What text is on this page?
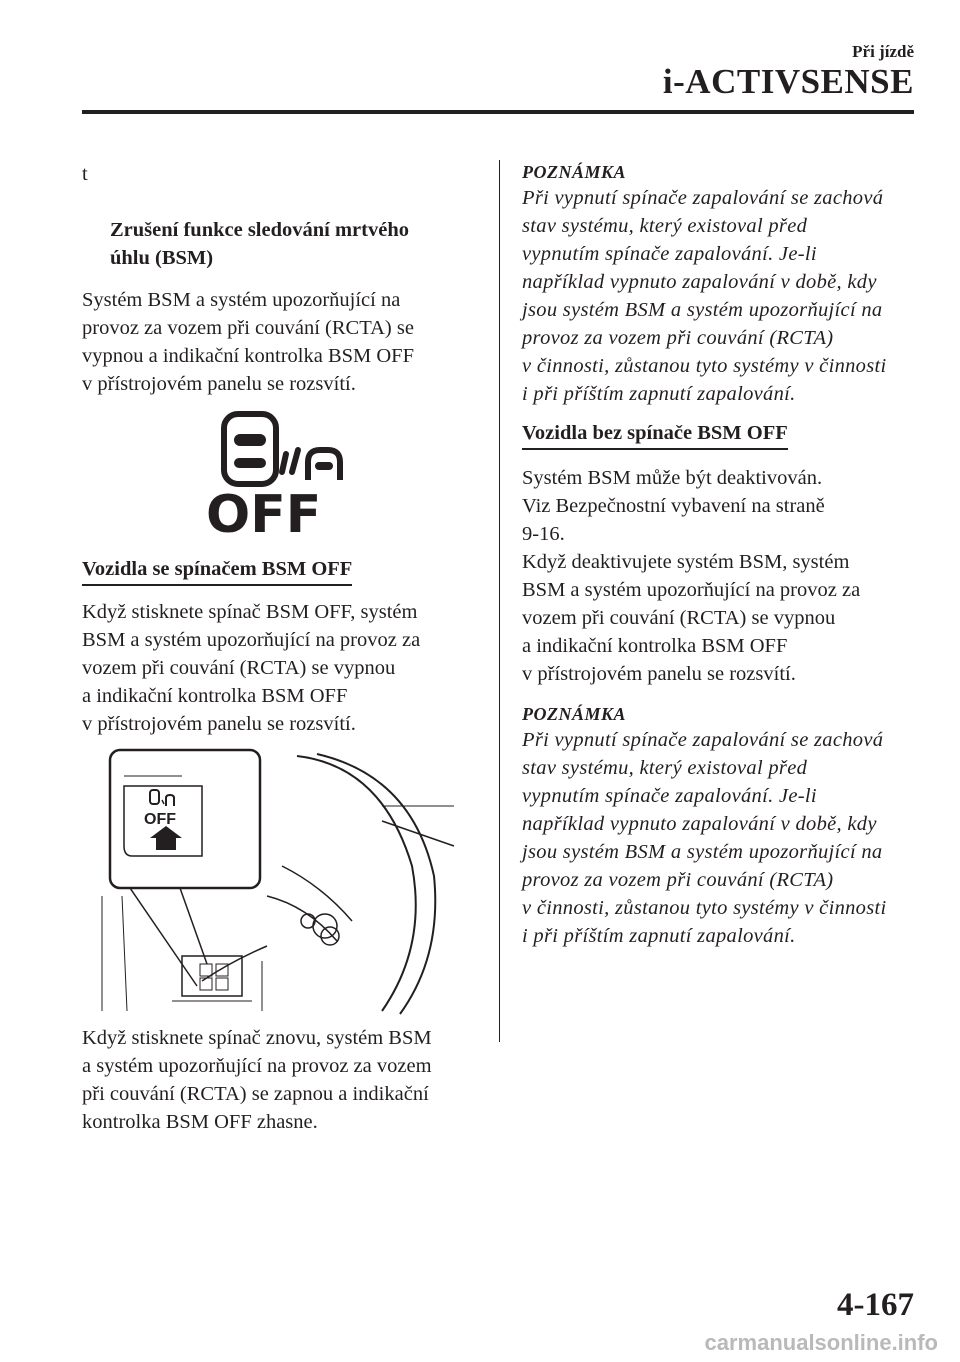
Při jízdě
i-ACTIVSENSE

t

Zrušení funkce sledování mrtvého
úhlu (BSM)

Systém BSM a systém upozorňující na
provoz za vozem při couvání (RCTA) se
vypnou a indikační kontrolka BSM OFF
v přístrojovém panelu se rozsvítí.

OFF
Vozidla se spínačem BSM OFF

Když stisknete spínač BSM OFF, systém
BSM a systém upozorňující na provoz za
vozem při couvání (RCTA) se vypnou
a indikační kontrolka BSM OFF
v přístrojovém panelu se rozsvítí.

OFF

Když stisknete spínač znovu, systém BSM
a systém upozorňující na provoz za vozem
při couvání (RCTA) se zapnou a indikační
kontrolka BSM OFF zhasne.

POZNÁMKA

Při vypnutí spínače zapalování se zachová
stav systému, který existoval před
vypnutím spínače zapalování. Je-li
například vypnuto zapalování v době, kdy
jsou systém BSM a systém upozorňující na
provoz za vozem při couvání (RCTA)
v činnosti, zůstanou tyto systémy v činnosti
i při příštím zapnutí zapalování.

Vozidla bez spínače BSM OFF

Systém BSM může být deaktivován.
Viz Bezpečnostní vybavení na straně
9-16.
Když deaktivujete systém BSM, systém
BSM a systém upozorňující na provoz za
vozem při couvání (RCTA) se vypnou
a indikační kontrolka BSM OFF
v přístrojovém panelu se rozsvítí.

POZNÁMKA

Při vypnutí spínače zapalování se zachová
stav systému, který existoval před
vypnutím spínače zapalování. Je-li
například vypnuto zapalování v době, kdy
jsou systém BSM a systém upozorňující na
provoz za vozem při couvání (RCTA)
v činnosti, zůstanou tyto systémy v činnosti
i při příštím zapnutí zapalování.

4-167
carmanualsonline.info
